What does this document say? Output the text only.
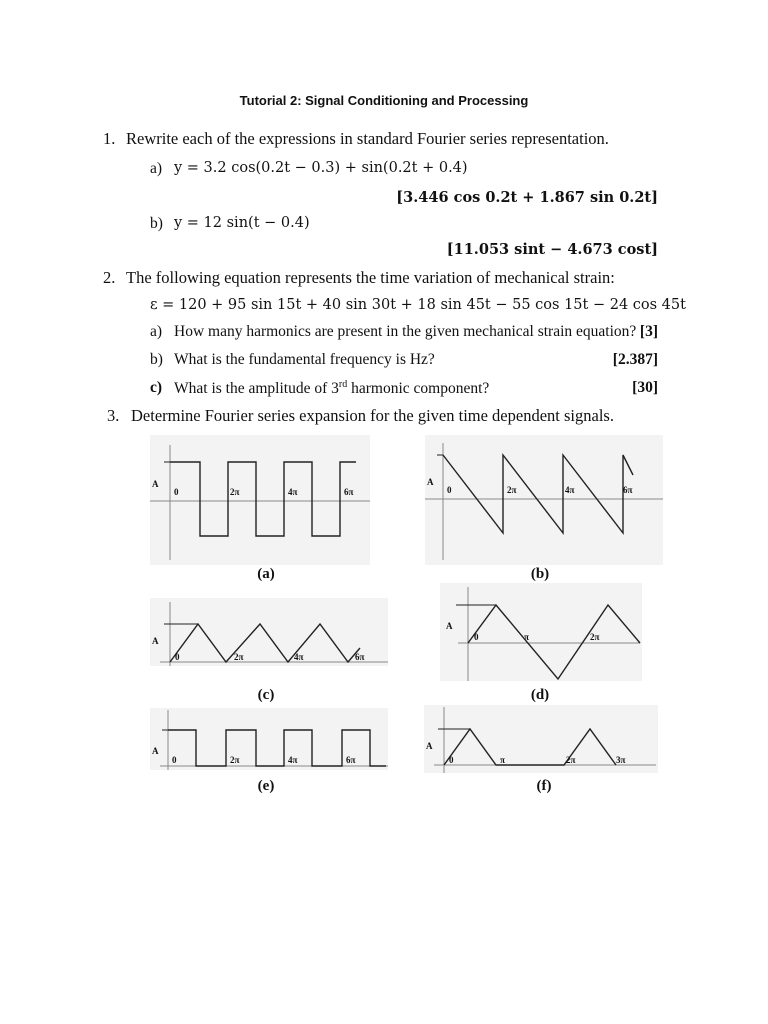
Tutorial 2: Signal Conditioning and Processing
1. Rewrite each of the expressions in standard Fourier series representation.
a) y = 3.2 cos(0.2t − 0.3) + sin(0.2t + 0.4)
[3.446 cos 0.2t + 1.867 sin 0.2t]
b) y = 12 sin(t − 0.4)
[11.053 sint − 4.673 cost]
2. The following equation represents the time variation of mechanical strain:
ε = 120 + 95 sin 15t + 40 sin 30t + 18 sin 45t − 55 cos 15t − 24 cos 45t
a) How many harmonics are present in the given mechanical strain equation? [3]
b) What is the fundamental frequency is Hz?	[2.387]
c) What is the amplitude of 3rd harmonic component?	[30]
3. Determine Fourier series expansion for the given time dependent signals.
A
0	2π	4π	6π
(a)
A
0	2π	4π	6π
(b)
A
0	2π	4π	6π
(c)
A
0	π	2π
(d)
A
0	2π	4π	6π
(e)
A
0	π	2π	3π
(f)
